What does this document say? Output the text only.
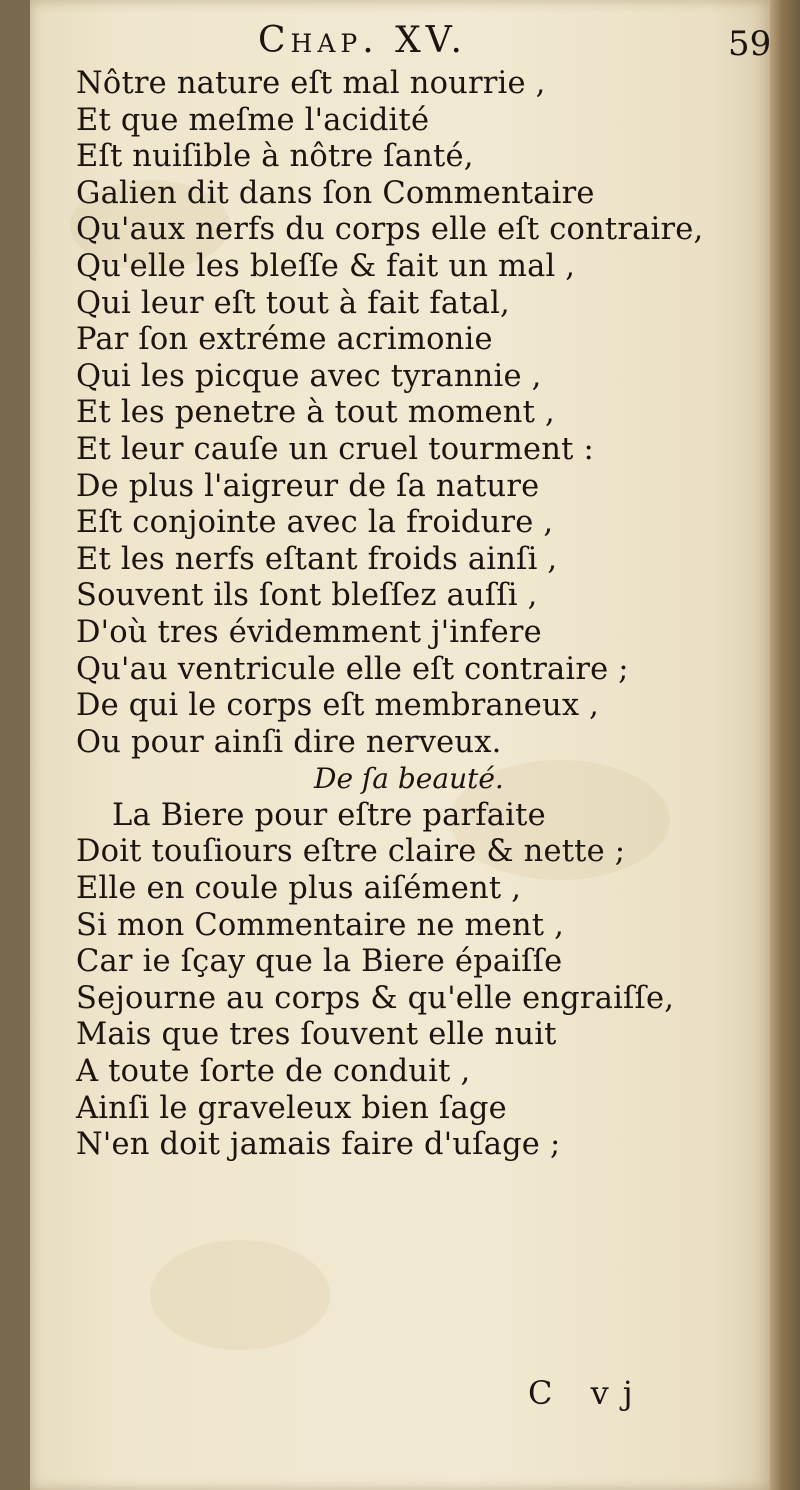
Chap. XV.	59
Nôtre nature eſt mal nourrie ,
Et que meſme l'acidité
Eſt nuiſible à nôtre ſanté,
Galien dit dans ſon Commentaire
Qu'aux nerfs du corps elle eſt contraire,
Qu'elle les bleſſe & fait un mal ,
Qui leur eſt tout à fait fatal,
Par ſon extréme acrimonie
Qui les picque avec tyrannie ,
Et les penetre à tout moment ,
Et leur cauſe un cruel tourment :
De plus l'aigreur de ſa nature
Eſt conjointe avec la froidure ,
Et les nerfs eſtant froids ainſi ,
Souvent ils ſont bleſſez auſſi ,
D'où tres évidemment j'infere
Qu'au ventricule elle eſt contraire ;
De qui le corps eſt membraneux ,
Ou pour ainſi dire nerveux.
De ſa beauté.
La Biere pour eſtre parfaite
Doit touſiours eſtre claire & nette ;
Elle en coule plus aiſément ,
Si mon Commentaire ne ment ,
Car ie ſçay que la Biere épaiſſe
Sejourne au corps & qu'elle engraiſſe,
Mais que tres ſouvent elle nuit
A toute ſorte de conduit ,
Ainſi le graveleux bien ſage
N'en doit jamais faire d'uſage ;
C vj
